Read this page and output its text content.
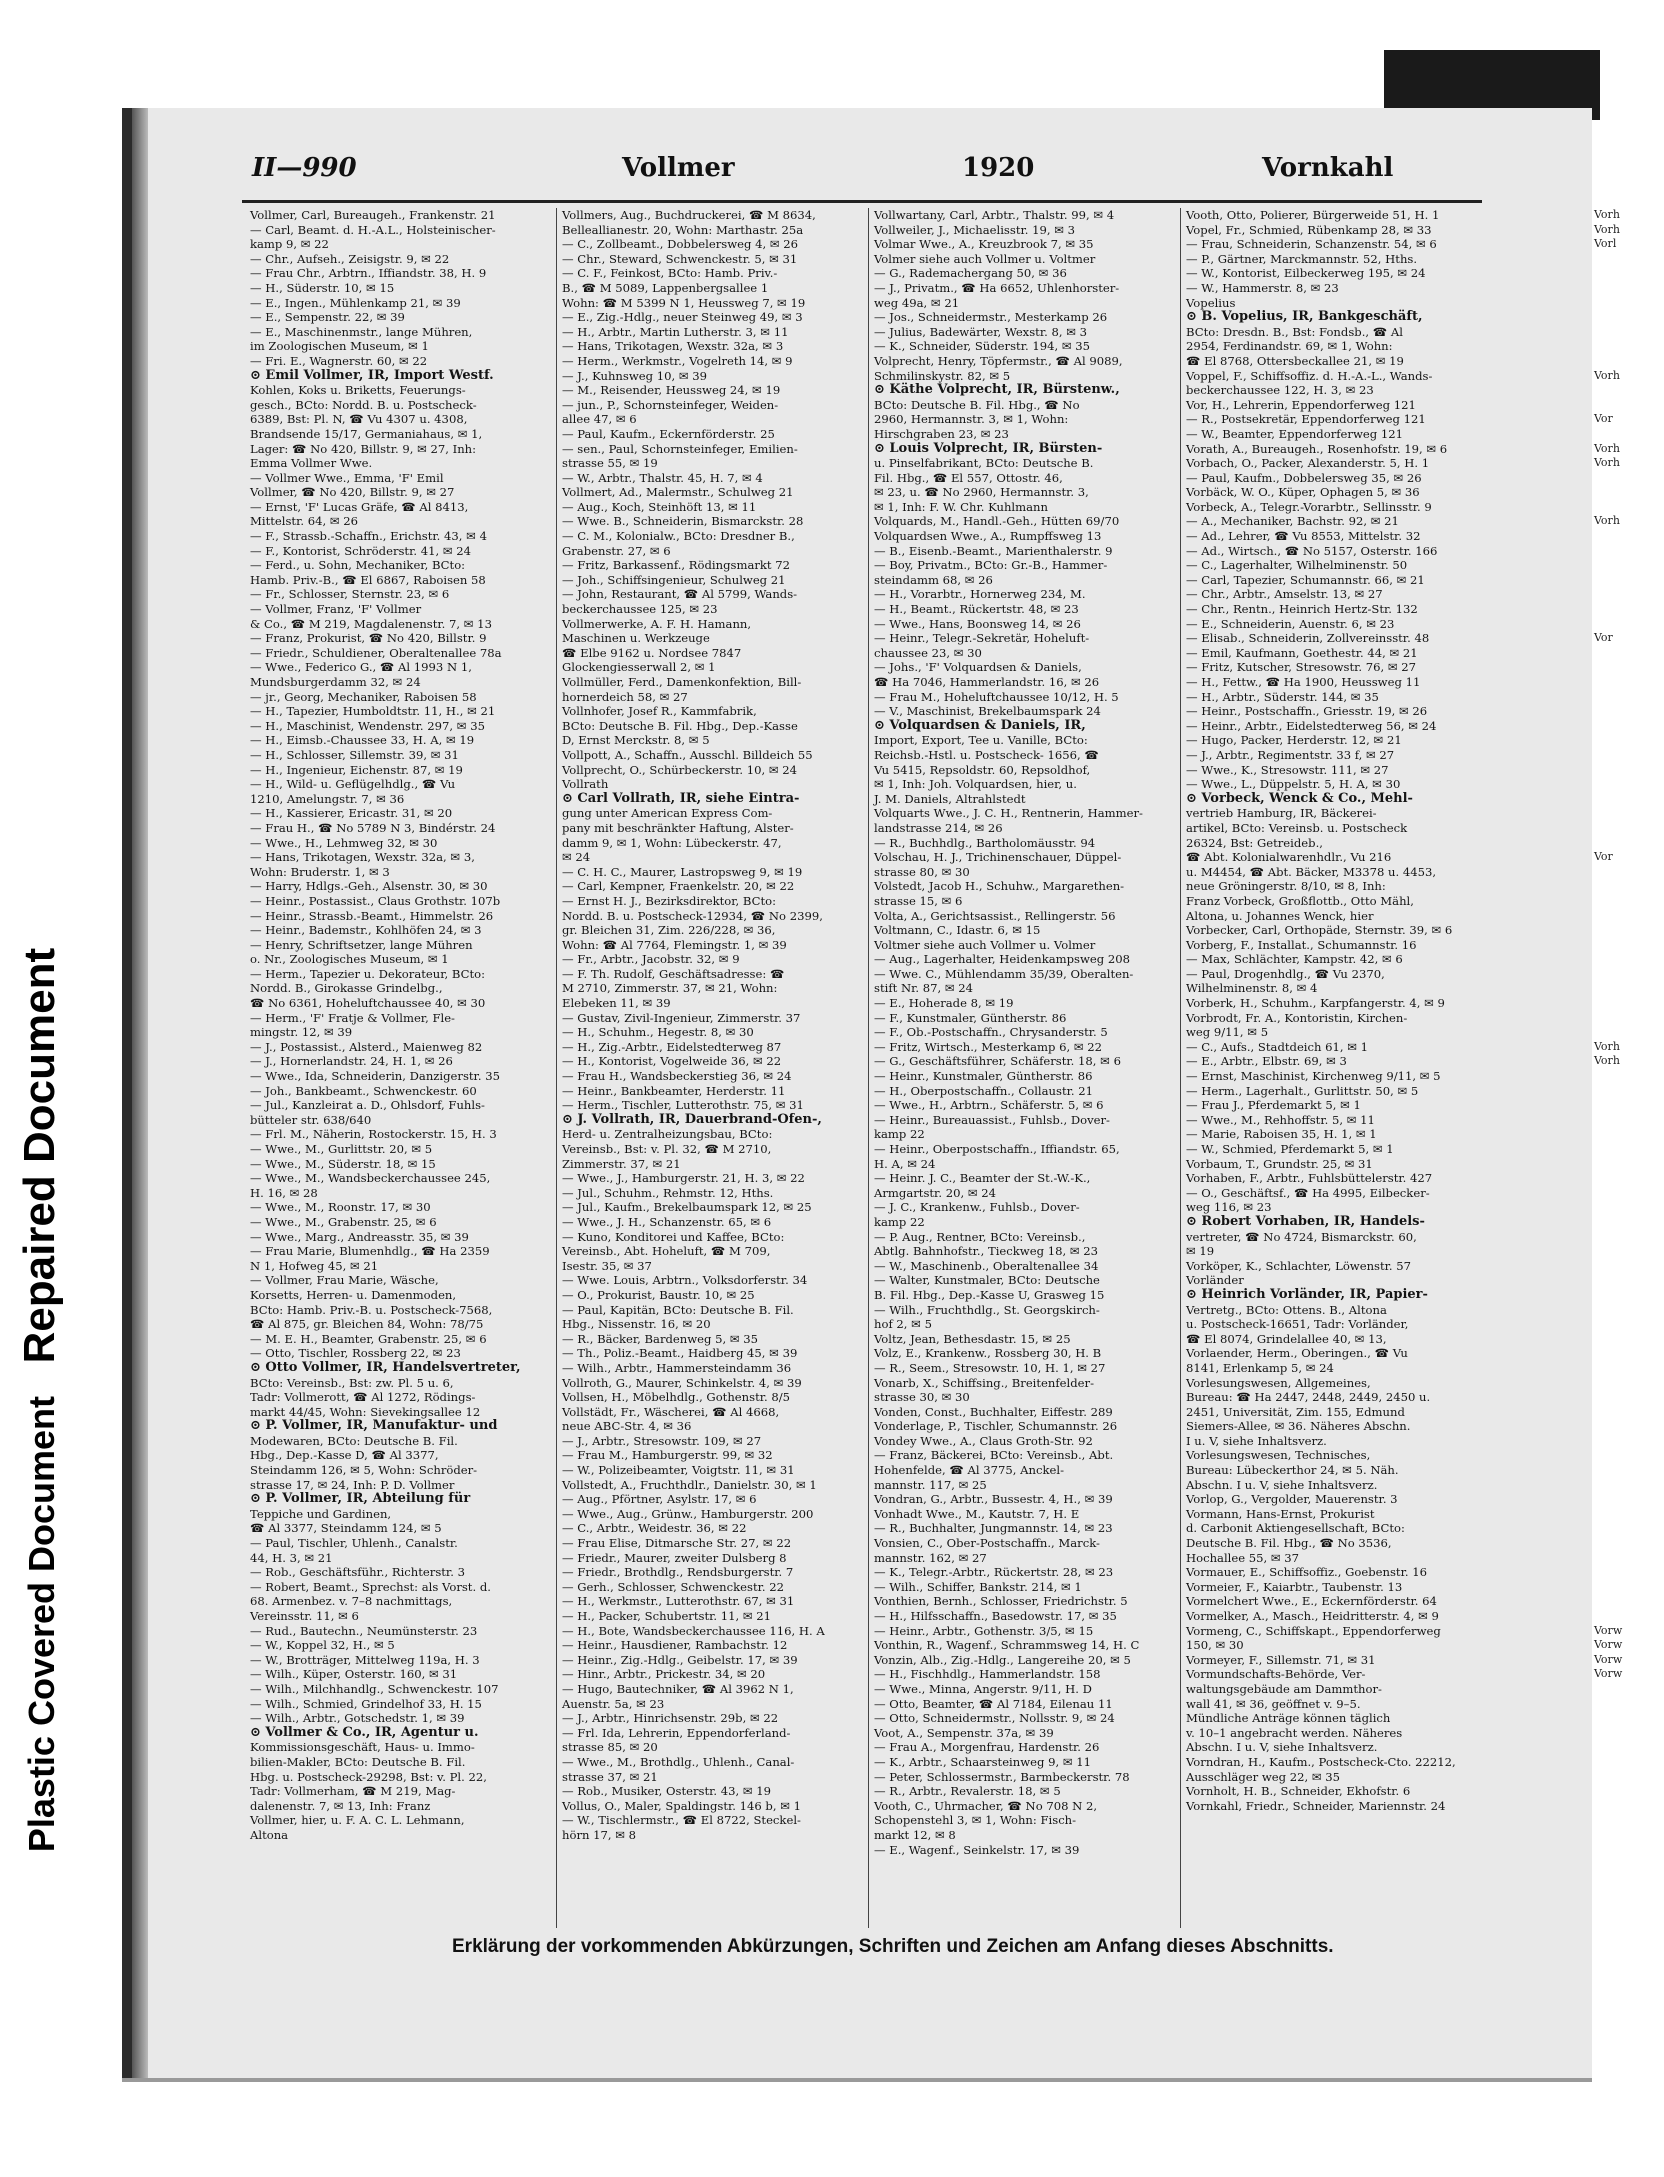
Plastic Covered Document Repaired Document
II—990	Vollmer	1920	Vornkahl
Vollmer, Carl, Bureaugeh., Frankenstr. 21
— Carl, Beamt. d. H.-A.L., Holsteinischer-
kamp 9, ✉ 22
— Chr., Aufseh., Zeisigstr. 9, ✉ 22
— Frau Chr., Arbtrn., Iffiandstr. 38, H. 9
— H., Süderstr. 10, ✉ 15
— E., Ingen., Mühlenkamp 21, ✉ 39
— E., Sempenstr. 22, ✉ 39
— E., Maschinenmstr., lange Mühren,
im Zoologischen Museum, ✉ 1
— Fri. E., Wagnerstr. 60, ✉ 22
⊙ Emil Vollmer, IR, Import Westf.
Kohlen, Koks u. Briketts, Feuerungs-
gesch., BCto: Nordd. B. u. Postscheck-
6389, Bst: Pl. N, ☎ Vu 4307 u. 4308,
Brandsende 15/17, Germaniahaus, ✉ 1,
Lager: ☎ No 420, Billstr. 9, ✉ 27, Inh:
Emma Vollmer Wwe.
— Vollmer Wwe., Emma, 'F' Emil
Vollmer, ☎ No 420, Billstr. 9, ✉ 27
— Ernst, 'F' Lucas Gräfe, ☎ Al 8413,
Mittelstr. 64, ✉ 26
— F., Strassb.-Schaffn., Erichstr. 43, ✉ 4
— F., Kontorist, Schröderstr. 41, ✉ 24
— Ferd., u. Sohn, Mechaniker, BCto:
Hamb. Priv.-B., ☎ El 6867, Raboisen 58
— Fr., Schlosser, Sternstr. 23, ✉ 6
— Vollmer, Franz, 'F' Vollmer
& Co., ☎ M 219, Magdalenenstr. 7, ✉ 13
— Franz, Prokurist, ☎ No 420, Billstr. 9
— Friedr., Schuldiener, Oberaltenallee 78a
— Wwe., Federico G., ☎ Al 1993 N 1,
Mundsburgerdamm 32, ✉ 24
— jr., Georg, Mechaniker, Raboisen 58
— H., Tapezier, Humboldtstr. 11, H., ✉ 21
— H., Maschinist, Wendenstr. 297, ✉ 35
— H., Eimsb.-Chaussee 33, H. A, ✉ 19
— H., Schlosser, Sillemstr. 39, ✉ 31
— H., Ingenieur, Eichenstr. 87, ✉ 19
— H., Wild- u. Geflügelhdlg., ☎ Vu
1210, Amelungstr. 7, ✉ 36
— H., Kassierer, Ericastr. 31, ✉ 20
— Frau H., ☎ No 5789 N 3, Bindérstr. 24
— Wwe., H., Lehmweg 32, ✉ 30
— Hans, Trikotagen, Wexstr. 32a, ✉ 3,
Wohn: Bruderstr. 1, ✉ 3
— Harry, Hdlgs.-Geh., Alsenstr. 30, ✉ 30
— Heinr., Postassist., Claus Grothstr. 107b
— Heinr., Strassb.-Beamt., Himmelstr. 26
— Heinr., Bademstr., Kohlhöfen 24, ✉ 3
— Henry, Schriftsetzer, lange Mühren
o. Nr., Zoologisches Museum, ✉ 1
— Herm., Tapezier u. Dekorateur, BCto:
Nordd. B., Girokasse Grindelbg.,
☎ No 6361, Hoheluftchaussee 40, ✉ 30
— Herm., 'F' Fratje & Vollmer, Fle-
mingstr. 12, ✉ 39
— J., Postassist., Alsterd., Maienweg 82
— J., Hornerlandstr. 24, H. 1, ✉ 26
— Wwe., Ida, Schneiderin, Danzigerstr. 35
— Joh., Bankbeamt., Schwenckestr. 60
— Jul., Kanzleirat a. D., Ohlsdorf, Fuhls-
bütteler str. 638/640
— Frl. M., Näherin, Rostockerstr. 15, H. 3
— Wwe., M., Gurlittstr. 20, ✉ 5
— Wwe., M., Süderstr. 18, ✉ 15
— Wwe., M., Wandsbeckerchaussee 245,
H. 16, ✉ 28
— Wwe., M., Roonstr. 17, ✉ 30
— Wwe., M., Grabenstr. 25, ✉ 6
— Wwe., Marg., Andreasstr. 35, ✉ 39
— Frau Marie, Blumenhdlg., ☎ Ha 2359
N 1, Hofweg 45, ✉ 21
— Vollmer, Frau Marie, Wäsche,
Korsetts, Herren- u. Damenmoden,
BCto: Hamb. Priv.-B. u. Postscheck-7568,
☎ Al 875, gr. Bleichen 84, Wohn: 78/75
— M. E. H., Beamter, Grabenstr. 25, ✉ 6
— Otto, Tischler, Rossberg 22, ✉ 23
⊙ Otto Vollmer, IR, Handelsvertreter,
BCto: Vereinsb., Bst: zw. Pl. 5 u. 6,
Tadr: Vollmerott, ☎ Al 1272, Rödings-
markt 44/45, Wohn: Sievekingsallee 12
⊙ P. Vollmer, IR, Manufaktur- und
Modewaren, BCto: Deutsche B. Fil.
Hbg., Dep.-Kasse D, ☎ Al 3377,
Steindamm 126, ✉ 5, Wohn: Schröder-
strasse 17, ✉ 24, Inh: P. D. Vollmer
⊙ P. Vollmer, IR, Abteilung für
Teppiche und Gardinen,
☎ Al 3377, Steindamm 124, ✉ 5
— Paul, Tischler, Uhlenh., Canalstr.
44, H. 3, ✉ 21
— Rob., Geschäftsführ., Richterstr. 3
— Robert, Beamt., Sprechst: als Vorst. d.
68. Armenbez. v. 7–8 nachmittags,
Vereinsstr. 11, ✉ 6
— Rud., Bautechn., Neumünsterstr. 23
— W., Koppel 32, H., ✉ 5
— W., Brotträger, Mittelweg 119a, H. 3
— Wilh., Küper, Osterstr. 160, ✉ 31
— Wilh., Milchhandlg., Schwenckestr. 107
— Wilh., Schmied, Grindelhof 33, H. 15
— Wilh., Arbtr., Gotschedstr. 1, ✉ 39
⊙ Vollmer & Co., IR, Agentur u.
Kommissionsgeschäft, Haus- u. Immo-
bilien-Makler, BCto: Deutsche B. Fil.
Hbg. u. Postscheck-29298, Bst: v. Pl. 22,
Tadr: Vollmerham, ☎ M 219, Mag-
dalenenstr. 7, ✉ 13, Inh: Franz
Vollmer, hier, u. F. A. C. L. Lehmann,
Altona
Vollmers, Aug., Buchdruckerei, ☎ M 8634,
Belleallianestr. 20, Wohn: Marthastr. 25a
— C., Zollbeamt., Dobbelersweg 4, ✉ 26
— Chr., Steward, Schwenckestr. 5, ✉ 31
— C. F., Feinkost, BCto: Hamb. Priv.-
B., ☎ M 5089, Lappenbergsallee 1
Wohn: ☎ M 5399 N 1, Heussweg 7, ✉ 19
— E., Zig.-Hdlg., neuer Steinweg 49, ✉ 3
— H., Arbtr., Martin Lutherstr. 3, ✉ 11
— Hans, Trikotagen, Wexstr. 32a, ✉ 3
— Herm., Werkmstr., Vogelreth 14, ✉ 9
— J., Kuhnsweg 10, ✉ 39
— M., Reisender, Heussweg 24, ✉ 19
— jun., P., Schornsteinfeger, Weiden-
allee 47, ✉ 6
— Paul, Kaufm., Eckernförderstr. 25
— sen., Paul, Schornsteinfeger, Emilien-
strasse 55, ✉ 19
— W., Arbtr., Thalstr. 45, H. 7, ✉ 4
Vollmert, Ad., Malermstr., Schulweg 21
— Aug., Koch, Steinhöft 13, ✉ 11
— Wwe. B., Schneiderin, Bismarckstr. 28
— C. M., Kolonialw., BCto: Dresdner B.,
Grabenstr. 27, ✉ 6
— Fritz, Barkassenf., Rödingsmarkt 72
— Joh., Schiffsingenieur, Schulweg 21
— John, Restaurant, ☎ Al 5799, Wands-
beckerchaussee 125, ✉ 23
Vollmerwerke, A. F. H. Hamann,
Maschinen u. Werkzeuge
☎ Elbe 9162 u. Nordsee 7847
Glockengiesserwall 2, ✉ 1
Vollmüller, Ferd., Damenkonfektion, Bill-
hornerdeich 58, ✉ 27
Vollnhofer, Josef R., Kammfabrik,
BCto: Deutsche B. Fil. Hbg., Dep.-Kasse
D, Ernst Merckstr. 8, ✉ 5
Vollpott, A., Schaffn., Ausschl. Billdeich 55
Vollprecht, O., Schürbeckerstr. 10, ✉ 24
Vollrath
⊙ Carl Vollrath, IR, siehe Eintra-
gung unter American Express Com-
pany mit beschränkter Haftung, Alster-
damm 9, ✉ 1, Wohn: Lübeckerstr. 47,
✉ 24
— C. H. C., Maurer, Lastropsweg 9, ✉ 19
— Carl, Kempner, Fraenkelstr. 20, ✉ 22
— Ernst H. J., Bezirksdirektor, BCto:
Nordd. B. u. Postscheck-12934, ☎ No 2399,
gr. Bleichen 31, Zim. 226/228, ✉ 36,
Wohn: ☎ Al 7764, Flemingstr. 1, ✉ 39
— Fr., Arbtr., Jacobstr. 32, ✉ 9
— F. Th. Rudolf, Geschäftsadresse: ☎
M 2710, Zimmerstr. 37, ✉ 21, Wohn:
Elebeken 11, ✉ 39
— Gustav, Zivil-Ingenieur, Zimmerstr. 37
— H., Schuhm., Hegestr. 8, ✉ 30
— H., Zig.-Arbtr., Eidelstedterweg 87
— H., Kontorist, Vogelweide 36, ✉ 22
— Frau H., Wandsbeckerstieg 36, ✉ 24
— Heinr., Bankbeamter, Herderstr. 11
— Herm., Tischler, Lutterothstr. 75, ✉ 31
⊙ J. Vollrath, IR, Dauerbrand-Ofen-,
Herd- u. Zentralheizungsbau, BCto:
Vereinsb., Bst: v. Pl. 32, ☎ M 2710,
Zimmerstr. 37, ✉ 21
— Wwe., J., Hamburgerstr. 21, H. 3, ✉ 22
— Jul., Schuhm., Rehmstr. 12, Hths.
— Jul., Kaufm., Brekelbaumspark 12, ✉ 25
— Wwe., J. H., Schanzenstr. 65, ✉ 6
— Kuno, Konditorei und Kaffee, BCto:
Vereinsb., Abt. Hoheluft, ☎ M 709,
Isestr. 35, ✉ 37
— Wwe. Louis, Arbtrn., Volksdorferstr. 34
— O., Prokurist, Baustr. 10, ✉ 25
— Paul, Kapitän, BCto: Deutsche B. Fil.
Hbg., Nissenstr. 16, ✉ 20
— R., Bäcker, Bardenweg 5, ✉ 35
— Th., Poliz.-Beamt., Haidberg 45, ✉ 39
— Wilh., Arbtr., Hammersteindamm 36
Vollroth, G., Maurer, Schinkelstr. 4, ✉ 39
Vollsen, H., Möbelhdlg., Gothenstr. 8/5
Vollstädt, Fr., Wäscherei, ☎ Al 4668,
neue ABC-Str. 4, ✉ 36
— J., Arbtr., Stresowstr. 109, ✉ 27
— Frau M., Hamburgerstr. 99, ✉ 32
— W., Polizeibeamter, Voigtstr. 11, ✉ 31
Vollstedt, A., Fruchthdlr., Danielstr. 30, ✉ 1
— Aug., Pförtner, Asylstr. 17, ✉ 6
— Wwe., Aug., Grünw., Hamburgerstr. 200
— C., Arbtr., Weidestr. 36, ✉ 22
— Frau Elise, Ditmarsche Str. 27, ✉ 22
— Friedr., Maurer, zweiter Dulsberg 8
— Friedr., Brothdlg., Rendsburgerstr. 7
— Gerh., Schlosser, Schwenckestr. 22
— H., Werkmstr., Lutterothstr. 67, ✉ 31
— H., Packer, Schubertstr. 11, ✉ 21
— H., Bote, Wandsbeckerchaussee 116, H. A
— Heinr., Hausdiener, Rambachstr. 12
— Heinr., Zig.-Hdlg., Geibelstr. 17, ✉ 39
— Hinr., Arbtr., Prickestr. 34, ✉ 20
— Hugo, Bautechniker, ☎ Al 3962 N 1,
Auenstr. 5a, ✉ 23
— J., Arbtr., Hinrichsenstr. 29b, ✉ 22
— Frl. Ida, Lehrerin, Eppendorferland-
strasse 85, ✉ 20
— Wwe., M., Brothdlg., Uhlenh., Canal-
strasse 37, ✉ 21
— Rob., Musiker, Osterstr. 43, ✉ 19
Vollus, O., Maler, Spaldingstr. 146 b, ✉ 1
— W., Tischlermstr., ☎ El 8722, Steckel-
hörn 17, ✉ 8
Vollwartany, Carl, Arbtr., Thalstr. 99, ✉ 4
Vollweiler, J., Michaelisstr. 19, ✉ 3
Volmar Wwe., A., Kreuzbrook 7, ✉ 35
Volmer siehe auch Vollmer u. Voltmer
— G., Rademachergang 50, ✉ 36
— J., Privatm., ☎ Ha 6652, Uhlenhorster-
weg 49a, ✉ 21
— Jos., Schneidermstr., Mesterkamp 26
— Julius, Badewärter, Wexstr. 8, ✉ 3
— K., Schneider, Süderstr. 194, ✉ 35
Volprecht, Henry, Töpfermstr., ☎ Al 9089,
Schmilinskystr. 82, ✉ 5
⊙ Käthe Volprecht, IR, Bürstenw.,
BCto: Deutsche B. Fil. Hbg., ☎ No
2960, Hermannstr. 3, ✉ 1, Wohn:
Hirschgraben 23, ✉ 23
⊙ Louis Volprecht, IR, Bürsten-
u. Pinselfabrikant, BCto: Deutsche B.
Fil. Hbg., ☎ El 557, Ottostr. 46,
✉ 23, u. ☎ No 2960, Hermannstr. 3,
✉ 1, Inh: F. W. Chr. Kuhlmann
Volquards, M., Handl.-Geh., Hütten 69/70
Volquardsen Wwe., A., Rumpffsweg 13
— B., Eisenb.-Beamt., Marienthalerstr. 9
— Boy, Privatm., BCto: Gr.-B., Hammer-
steindamm 68, ✉ 26
— H., Vorarbtr., Hornerweg 234, M.
— H., Beamt., Rückertstr. 48, ✉ 23
— Wwe., Hans, Boonsweg 14, ✉ 26
— Heinr., Telegr.-Sekretär, Hoheluft-
chaussee 23, ✉ 30
— Johs., 'F' Volquardsen & Daniels,
☎ Ha 7046, Hammerlandstr. 16, ✉ 26
— Frau M., Hoheluftchaussee 10/12, H. 5
— V., Maschinist, Brekelbaumspark 24
⊙ Volquardsen & Daniels, IR,
Import, Export, Tee u. Vanille, BCto:
Reichsb.-Hstl. u. Postscheck- 1656, ☎
Vu 5415, Repsoldstr. 60, Repsoldhof,
✉ 1, Inh: Joh. Volquardsen, hier, u.
J. M. Daniels, Altrahlstedt
Volquarts Wwe., J. C. H., Rentnerin, Hammer-
landstrasse 214, ✉ 26
— R., Buchhdlg., Bartholomäusstr. 94
Volschau, H. J., Trichinenschauer, Düppel-
strasse 80, ✉ 30
Volstedt, Jacob H., Schuhw., Margarethen-
strasse 15, ✉ 6
Volta, A., Gerichtsassist., Rellingerstr. 56
Voltmann, C., Idastr. 6, ✉ 15
Voltmer siehe auch Vollmer u. Volmer
— Aug., Lagerhalter, Heidenkampsweg 208
— Wwe. C., Mühlendamm 35/39, Oberalten-
stift Nr. 87, ✉ 24
— E., Hoherade 8, ✉ 19
— F., Kunstmaler, Güntherstr. 86
— F., Ob.-Postschaffn., Chrysanderstr. 5
— Fritz, Wirtsch., Mesterkamp 6, ✉ 22
— G., Geschäftsführer, Schäferstr. 18, ✉ 6
— Heinr., Kunstmaler, Güntherstr. 86
— H., Oberpostschaffn., Collaustr. 21
— Wwe., H., Arbtrn., Schäferstr. 5, ✉ 6
— Heinr., Bureauassist., Fuhlsb., Dover-
kamp 22
— Heinr., Oberpostschaffn., Iffiandstr. 65,
H. A, ✉ 24
— Heinr. J. C., Beamter der St.-W.-K.,
Armgartstr. 20, ✉ 24
— J. C., Krankenw., Fuhlsb., Dover-
kamp 22
— P. Aug., Rentner, BCto: Vereinsb.,
Abtlg. Bahnhofstr., Tieckweg 18, ✉ 23
— W., Maschinenb., Oberaltenallee 34
— Walter, Kunstmaler, BCto: Deutsche
B. Fil. Hbg., Dep.-Kasse U, Grasweg 15
— Wilh., Fruchthdlg., St. Georgskirch-
hof 2, ✉ 5
Voltz, Jean, Bethesdastr. 15, ✉ 25
Volz, E., Krankenw., Rossberg 30, H. B
— R., Seem., Stresowstr. 10, H. 1, ✉ 27
Vonarb, X., Schiffsing., Breitenfelder-
strasse 30, ✉ 30
Vonden, Const., Buchhalter, Eiffestr. 289
Vonderlage, P., Tischler, Schumannstr. 26
Vondey Wwe., A., Claus Groth-Str. 92
— Franz, Bäckerei, BCto: Vereinsb., Abt.
Hohenfelde, ☎ Al 3775, Anckel-
mannstr. 117, ✉ 25
Vondran, G., Arbtr., Bussestr. 4, H., ✉ 39
Vonhadt Wwe., M., Kautstr. 7, H. E
— R., Buchhalter, Jungmannstr. 14, ✉ 23
Vonsien, C., Ober-Postschaffn., Marck-
mannstr. 162, ✉ 27
— K., Telegr.-Arbtr., Rückertstr. 28, ✉ 23
— Wilh., Schiffer, Bankstr. 214, ✉ 1
Vonthien, Bernh., Schlosser, Friedrichstr. 5
— H., Hilfsschaffn., Basedowstr. 17, ✉ 35
— Heinr., Arbtr., Gothenstr. 3/5, ✉ 15
Vonthin, R., Wagenf., Schrammsweg 14, H. C
Vonzin, Alb., Zig.-Hdlg., Langereihe 20, ✉ 5
— H., Fischhdlg., Hammerlandstr. 158
— Wwe., Minna, Angerstr. 9/11, H. D
— Otto, Beamter, ☎ Al 7184, Eilenau 11
— Otto, Schneidermstr., Nollsstr. 9, ✉ 24
Voot, A., Sempenstr. 37a, ✉ 39
— Frau A., Morgenfrau, Hardenstr. 26
— K., Arbtr., Schaarsteinweg 9, ✉ 11
— Peter, Schlossermstr., Barmbeckerstr. 78
— R., Arbtr., Revalerstr. 18, ✉ 5
Vooth, C., Uhrmacher, ☎ No 708 N 2,
Schopenstehl 3, ✉ 1, Wohn: Fisch-
markt 12, ✉ 8
— E., Wagenf., Seinkelstr. 17, ✉ 39
Vooth, Otto, Polierer, Bürgerweide 51, H. 1
Vopel, Fr., Schmied, Rübenkamp 28, ✉ 33
— Frau, Schneiderin, Schanzenstr. 54, ✉ 6
— P., Gärtner, Marckmannstr. 52, Hths.
— W., Kontorist, Eilbeckerweg 195, ✉ 24
— W., Hammerstr. 8, ✉ 23
Vopelius
⊙ B. Vopelius, IR, Bankgeschäft,
BCto: Dresdn. B., Bst: Fondsb., ☎ Al
2954, Ferdinandstr. 69, ✉ 1, Wohn:
☎ El 8768, Ottersbeckallee 21, ✉ 19
Voppel, F., Schiffsoffiz. d. H.-A.-L., Wands-
beckerchaussee 122, H. 3, ✉ 23
Vor, H., Lehrerin, Eppendorferweg 121
— R., Postsekretär, Eppendorferweg 121
— W., Beamter, Eppendorferweg 121
Vorath, A., Bureaugeh., Rosenhofstr. 19, ✉ 6
Vorbach, O., Packer, Alexanderstr. 5, H. 1
— Paul, Kaufm., Dobbelersweg 35, ✉ 26
Vorbäck, W. O., Küper, Ophagen 5, ✉ 36
Vorbeck, A., Telegr.-Vorarbtr., Sellinsstr. 9
— A., Mechaniker, Bachstr. 92, ✉ 21
— Ad., Lehrer, ☎ Vu 8553, Mittelstr. 32
— Ad., Wirtsch., ☎ No 5157, Osterstr. 166
— C., Lagerhalter, Wilhelminenstr. 50
— Carl, Tapezier, Schumannstr. 66, ✉ 21
— Chr., Arbtr., Amselstr. 13, ✉ 27
— Chr., Rentn., Heinrich Hertz-Str. 132
— E., Schneiderin, Auenstr. 6, ✉ 23
— Elisab., Schneiderin, Zollvereinsstr. 48
— Emil, Kaufmann, Goethestr. 44, ✉ 21
— Fritz, Kutscher, Stresowstr. 76, ✉ 27
— H., Fettw., ☎ Ha 1900, Heussweg 11
— H., Arbtr., Süderstr. 144, ✉ 35
— Heinr., Postschaffn., Griesstr. 19, ✉ 26
— Heinr., Arbtr., Eidelstedterweg 56, ✉ 24
— Hugo, Packer, Herderstr. 12, ✉ 21
— J., Arbtr., Regimentstr. 33 f, ✉ 27
— Wwe., K., Stresowstr. 111, ✉ 27
— Wwe., L., Düppelstr. 5, H. A, ✉ 30
⊙ Vorbeck, Wenck & Co., Mehl-
vertrieb Hamburg, IR, Bäckerei-
artikel, BCto: Vereinsb. u. Postscheck
26324, Bst: Getreideb.,
☎ Abt. Kolonialwarenhdlr., Vu 216
u. M4454, ☎ Abt. Bäcker, M3378 u. 4453,
neue Gröningerstr. 8/10, ✉ 8, Inh:
Franz Vorbeck, Großflottb., Otto Mähl,
Altona, u. Johannes Wenck, hier
Vorbecker, Carl, Orthopäde, Sternstr. 39, ✉ 6
Vorberg, F., Installat., Schumannstr. 16
— Max, Schlächter, Kampstr. 42, ✉ 6
— Paul, Drogenhdlg., ☎ Vu 2370,
Wilhelminenstr. 8, ✉ 4
Vorberk, H., Schuhm., Karpfangerstr. 4, ✉ 9
Vorbrodt, Fr. A., Kontoristin, Kirchen-
weg 9/11, ✉ 5
— C., Aufs., Stadtdeich 61, ✉ 1
— E., Arbtr., Elbstr. 69, ✉ 3
— Ernst, Maschinist, Kirchenweg 9/11, ✉ 5
— Herm., Lagerhalt., Gurlittstr. 50, ✉ 5
— Frau J., Pferdemarkt 5, ✉ 1
— Wwe., M., Rehhoffstr. 5, ✉ 11
— Marie, Raboisen 35, H. 1, ✉ 1
— W., Schmied, Pferdemarkt 5, ✉ 1
Vorbaum, T., Grundstr. 25, ✉ 31
Vorhaben, F., Arbtr., Fuhlsbüttelerstr. 427
— O., Geschäftsf., ☎ Ha 4995, Eilbecker-
weg 116, ✉ 23
⊙ Robert Vorhaben, IR, Handels-
vertreter, ☎ No 4724, Bismarckstr. 60,
✉ 19
Vorköper, K., Schlachter, Löwenstr. 57
Vorländer
⊙ Heinrich Vorländer, IR, Papier-
Vertretg., BCto: Ottens. B., Altona
u. Postscheck-16651, Tadr: Vorländer,
☎ El 8074, Grindelallee 40, ✉ 13,
Vorlaender, Herm., Oberingen., ☎ Vu
8141, Erlenkamp 5, ✉ 24
Vorlesungswesen, Allgemeines,
Bureau: ☎ Ha 2447, 2448, 2449, 2450 u.
2451, Universität, Zim. 155, Edmund
Siemers-Allee, ✉ 36. Näheres Abschn.
I u. V, siehe Inhaltsverz.
Vorlesungswesen, Technisches,
Bureau: Lübeckerthor 24, ✉ 5. Näh.
Abschn. I u. V, siehe Inhaltsverz.
Vorlop, G., Vergolder, Mauerenstr. 3
Vormann, Hans-Ernst, Prokurist
d. Carbonit Aktiengesellschaft, BCto:
Deutsche B. Fil. Hbg., ☎ No 3536,
Hochallee 55, ✉ 37
Vormauer, E., Schiffsoffiz., Goebenstr. 16
Vormeier, F., Kaiarbtr., Taubenstr. 13
Vormelchert Wwe., E., Eckernförderstr. 64
Vormelker, A., Masch., Heidritterstr. 4, ✉ 9
Vormeng, C., Schiffskapt., Eppendorferweg
150, ✉ 30
Vormeyer, F., Sillemstr. 71, ✉ 31
Vormundschafts-Behörde, Ver-
waltungsgebäude am Dammthor-
wall 41, ✉ 36, geöffnet v. 9–5.
Mündliche Anträge können täglich
v. 10–1 angebracht werden. Näheres
Abschn. I u. V, siehe Inhaltsverz.
Vorndran, H., Kaufm., Postscheck-Cto. 22212,
Ausschläger weg 22, ✉ 35
Vornholt, H. B., Schneider, Ekhofstr. 6
Vornkahl, Friedr., Schneider, Mariennstr. 24
Vorh
Vorh
Vorl

Vorh

Vor

Vorh
Vorh

Vorh

Vor

Vor

Vorh
Vorh

Vorw
Vorw
Vorw
Vorw
Erklärung der vorkommenden Abkürzungen, Schriften und Zeichen am Anfang dieses Abschnitts.
